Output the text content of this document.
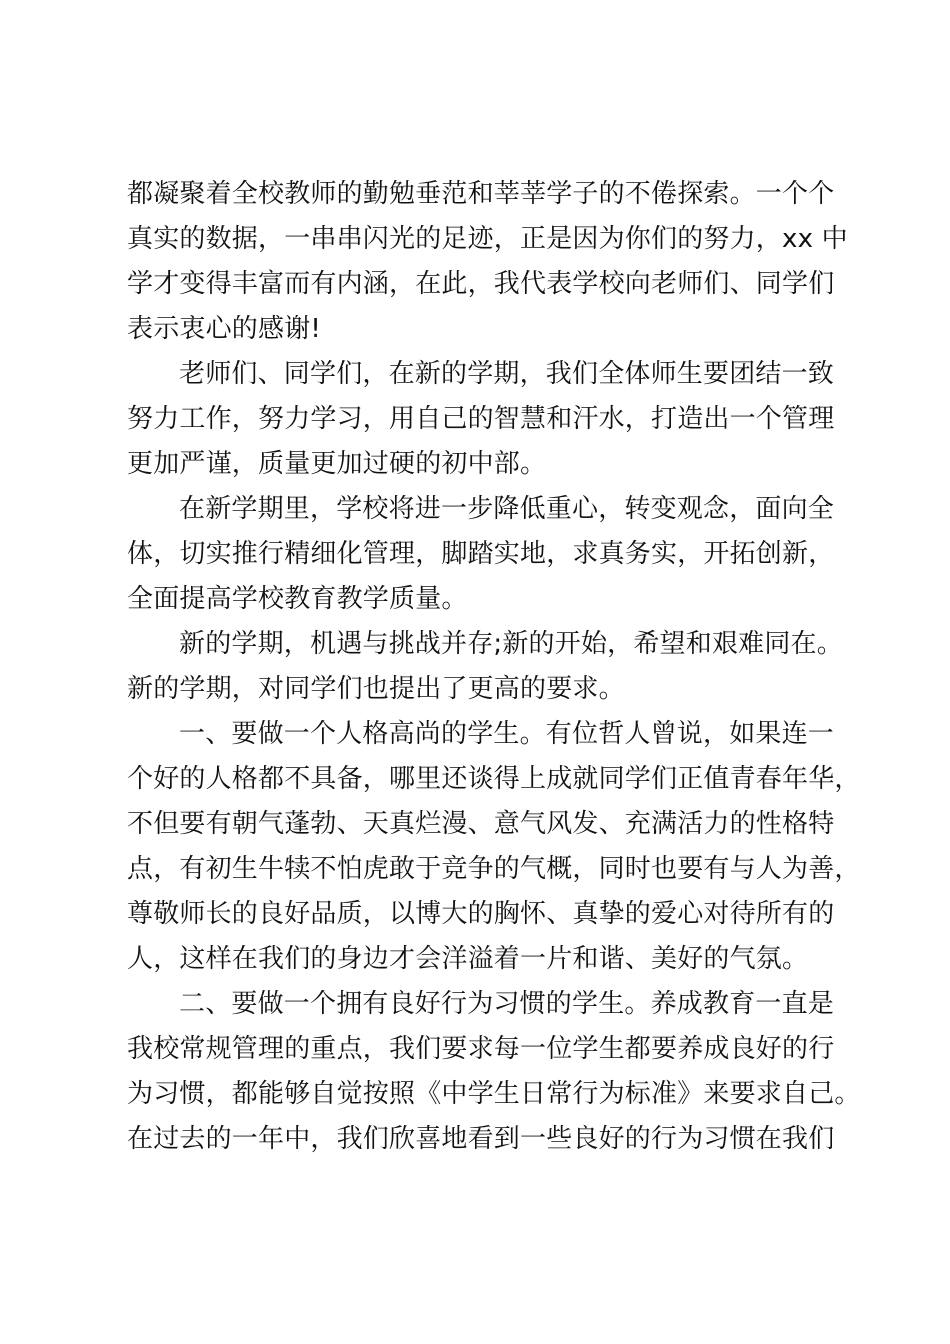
都凝聚着全校教师的勤勉垂范和莘莘学子的不倦探索。一个个
真实的数据，一串串闪光的足迹，正是因为你们的努力，xx 中
学才变得丰富而有内涵，在此，我代表学校向老师们、同学们
表示衷心的感谢!
老师们、同学们，在新的学期，我们全体师生要团结一致
努力工作，努力学习，用自己的智慧和汗水，打造出一个管理
更加严谨，质量更加过硬的初中部。
在新学期里，学校将进一步降低重心，转变观念，面向全
体，切实推行精细化管理，脚踏实地，求真务实，开拓创新，
全面提高学校教育教学质量。
新的学期，机遇与挑战并存;新的开始，希望和艰难同在。
新的学期，对同学们也提出了更高的要求。
一、要做一个人格高尚的学生。有位哲人曾说，如果连一
个好的人格都不具备，哪里还谈得上成就同学们正值青春年华，
不但要有朝气蓬勃、天真烂漫、意气风发、充满活力的性格特
点，有初生牛犊不怕虎敢于竞争的气概，同时也要有与人为善，
尊敬师长的良好品质，以博大的胸怀、真挚的爱心对待所有的
人，这样在我们的身边才会洋溢着一片和谐、美好的气氛。
二、要做一个拥有良好行为习惯的学生。养成教育一直是
我校常规管理的重点，我们要求每一位学生都要养成良好的行
为习惯，都能够自觉按照《中学生日常行为标准》来要求自己。
在过去的一年中，我们欣喜地看到一些良好的行为习惯在我们
